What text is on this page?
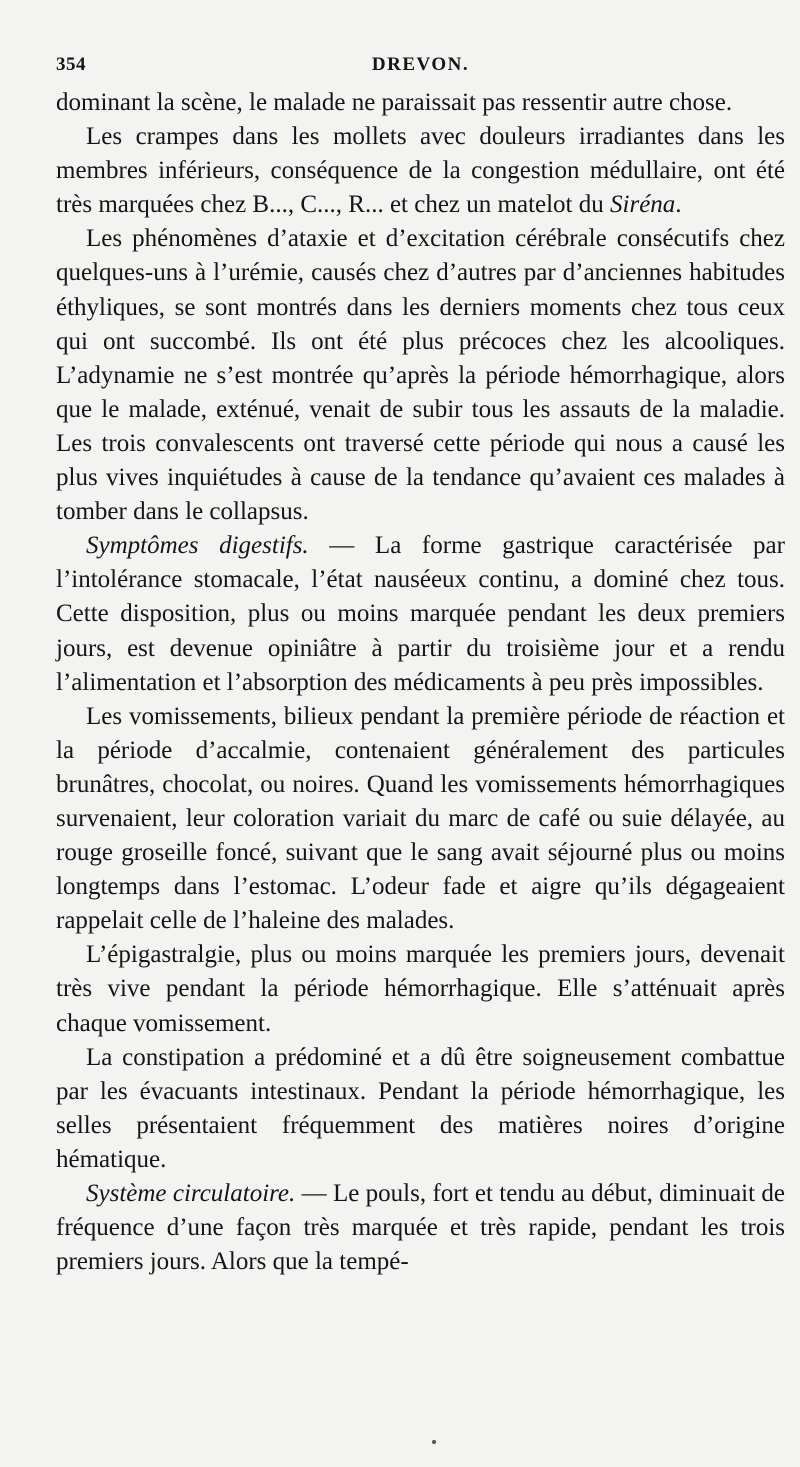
354	DREVON.

dominant la scène, le malade ne paraissait pas ressentir autre chose.

Les crampes dans les mollets avec douleurs irradiantes dans les membres inférieurs, conséquence de la congestion médullaire, ont été très marquées chez B..., C..., R... et chez un matelot du Siréna.

Les phénomènes d’ataxie et d’excitation cérébrale consécutifs chez quelques-uns à l’urémie, causés chez d’autres par d’anciennes habitudes éthyliques, se sont montrés dans les derniers moments chez tous ceux qui ont succombé. Ils ont été plus précoces chez les alcooliques. L’adynamie ne s’est montrée qu’après la période hémorrhagique, alors que le malade, exténué, venait de subir tous les assauts de la maladie. Les trois convalescents ont traversé cette période qui nous a causé les plus vives inquiétudes à cause de la tendance qu’avaient ces malades à tomber dans le collapsus.

Symptômes digestifs. — La forme gastrique caractérisée par l’intolérance stomacale, l’état nauséeux continu, a dominé chez tous. Cette disposition, plus ou moins marquée pendant les deux premiers jours, est devenue opiniâtre à partir du troisième jour et a rendu l’alimentation et l’absorption des médicaments à peu près impossibles.

Les vomissements, bilieux pendant la première période de réaction et la période d’accalmie, contenaient généralement des particules brunâtres, chocolat, ou noires. Quand les vomissements hémorrhagiques survenaient, leur coloration variait du marc de café ou suie délayée, au rouge groseille foncé, suivant que le sang avait séjourné plus ou moins longtemps dans l’estomac. L’odeur fade et aigre qu’ils dégageaient rappelait celle de l’haleine des malades.

L’épigastralgie, plus ou moins marquée les premiers jours, devenait très vive pendant la période hémorrhagique. Elle s’atténuait après chaque vomissement.

La constipation a prédominé et a dû être soigneusement combattue par les évacuants intestinaux. Pendant la période hémorrhagique, les selles présentaient fréquemment des matières noires d’origine hématique.

Système circulatoire. — Le pouls, fort et tendu au début, diminuait de fréquence d’une façon très marquée et très rapide, pendant les trois premiers jours. Alors que la tempé-
